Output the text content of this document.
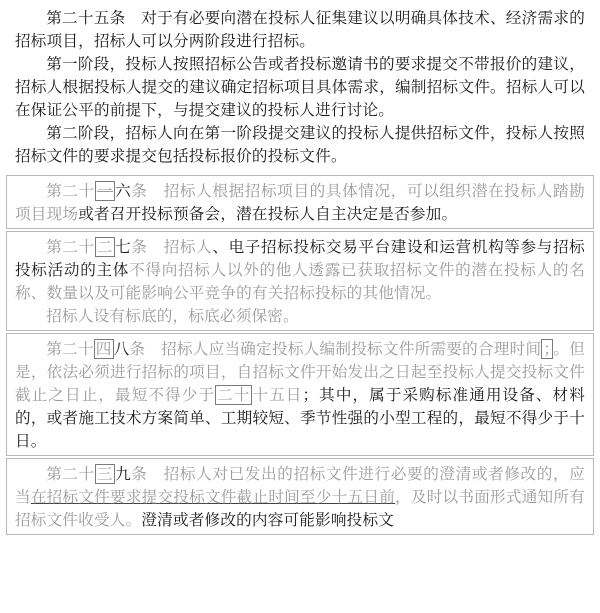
第二十五条　对于有必要向潜在投标人征集建议以明确具体技术、经济需求的招标项目，招标人可以分两阶段进行招标。

第一阶段，投标人按照招标公告或者投标邀请书的要求提交不带报价的建议，招标人根据投标人提交的建议确定招标项目具体需求，编制招标文件。招标人可以在保证公平的前提下，与提交建议的投标人进行讨论。

第二阶段，招标人向在第一阶段提交建议的投标人提供招标文件，投标人按照招标文件的要求提交包括投标报价的投标文件。

第二十 一 六条　招标人根据招标项目的具体情况，可以组织潜在投标人踏勘项目现场或者召开投标预备会，潜在投标人自主决定是否参加。

第二十 二 七条　招标人、电子招标投标交易平台建设和运营机构等参与招标投标活动的主体不得向招标人以外的他人透露已获取招标文件的潜在投标人的名称、数量以及可能影响公平竞争的有关招标投标的其他情况。

招标人设有标底的，标底必须保密。

第二十 四 八条　招标人应当确定投标人编制投标文件所需要的合理时间 ； 。但是，依法必须进行招标的项目，自招标文件开始发出之日起至投标人提交投标文件截止之日止，最短不得少于 二十 十五日；其中，属于采购标准通用设备、材料的，或者施工技术方案简单、工期较短、季节性强的小型工程的，最短不得少于十日。

第二十 三 九条　招标人对已发出的招标文件进行必要的澄清或者修改的，应当在招标文件要求提交投标文件截止时间至少十五日前，及时以书面形式通知所有招标文件收受人。澄清或者修改的内容可能影响投标文
